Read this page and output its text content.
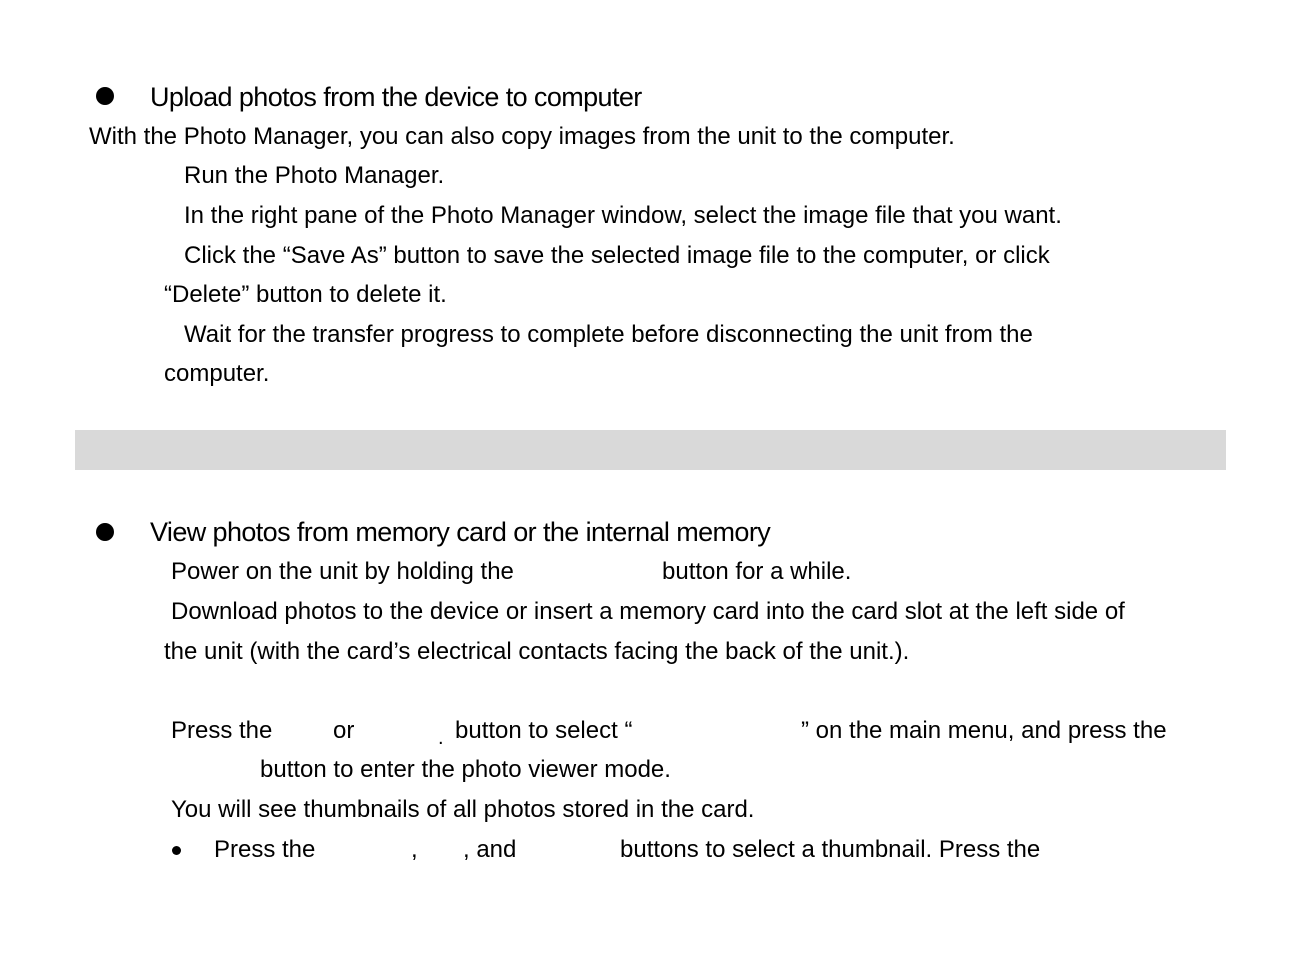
Upload photos from the device to computer
With the Photo Manager, you can also copy images from the unit to the computer.
Run the Photo Manager.
In the right pane of the Photo Manager window, select the image file that you want.
Click the “Save As” button to save the selected image file to the computer, or click
“Delete” button to delete it.
Wait for the transfer progress to complete before disconnecting the unit from the
computer.
View photos from memory card or the internal memory
Power on the unit by holding the	button for a while.
Download photos to the device or insert a memory card into the card slot at the left side of
the unit (with the card’s electrical contacts facing the back of the unit.).
Press the	or	. button to select “	” on the main menu, and press the
button to enter the photo viewer mode.
You will see thumbnails of all photos stored in the card.
Press the	, , and	buttons to select a thumbnail. Press the
